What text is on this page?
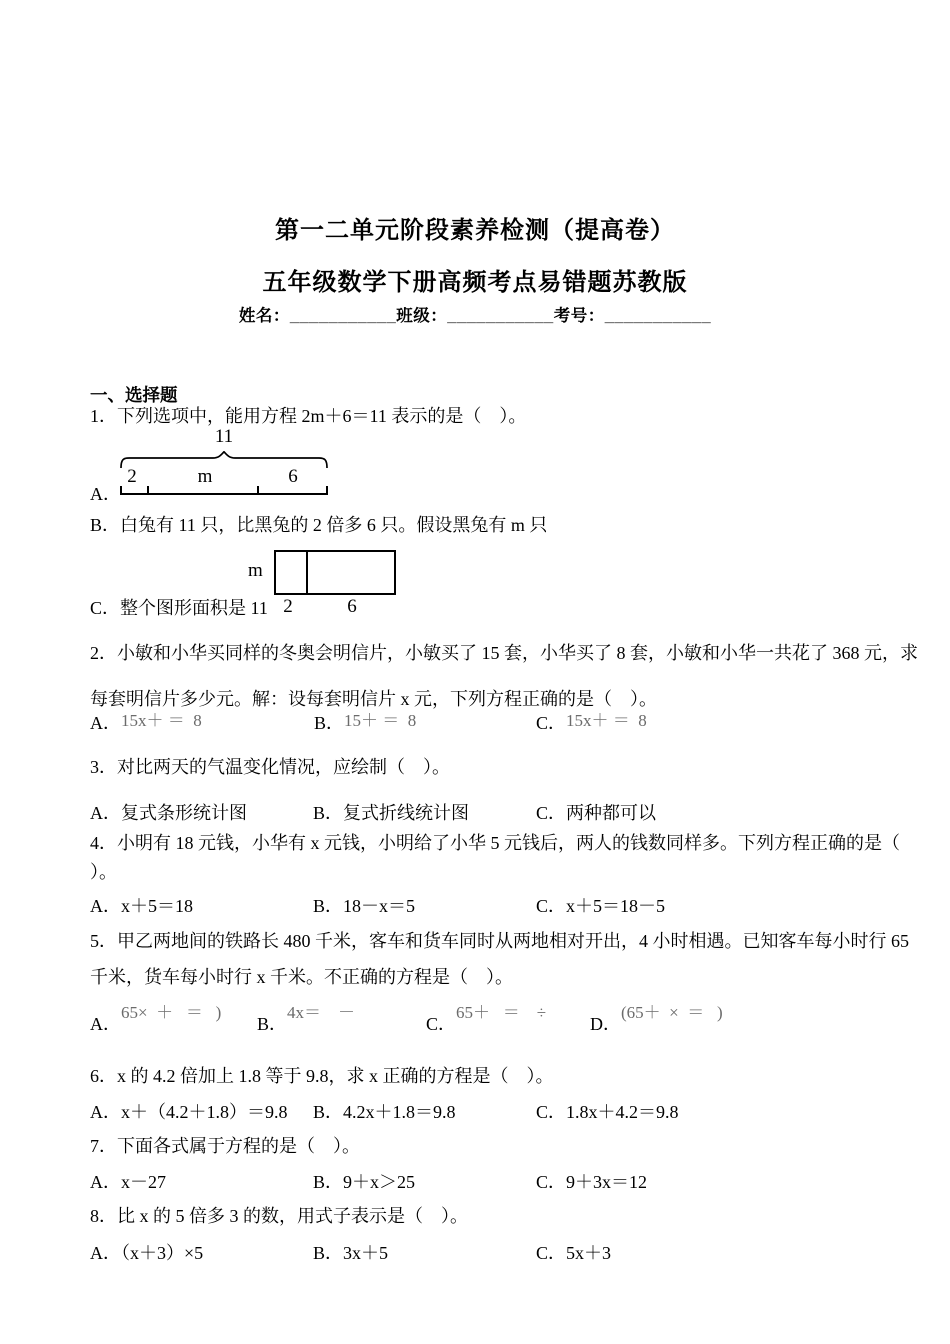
第一二单元阶段素养检测（提高卷）
五年级数学下册高频考点易错题苏教版
姓名：___________班级：___________考号：___________
一、选择题
1．下列选项中，能用方程 2m＋6＝11 表示的是（　）。
11
2	m	6
A．
B．白兔有 11 只，比黑兔的 2 倍多 6 只。假设黑兔有 m 只
m
2	6
C．整个图形面积是 11
2．小敏和小华买同样的冬奥会明信片，小敏买了 15 套，小华买了 8 套，小敏和小华一共花了 368 元，求
每套明信片多少元。解：设每套明信片 x 元，下列方程正确的是（　）。
A．15x＋ ＝  8	B．15＋ ＝  8	C．15x＋ ＝  8
3．对比两天的气温变化情况，应绘制（　）。
A．复式条形统计图	B．复式折线统计图	C．两种都可以
4．小明有 18 元钱，小华有 x 元钱，小明给了小华 5 元钱后，两人的钱数同样多。下列方程正确的是（
）。
A．x＋5＝18	B．18－x＝5	C．x＋5＝18－5
5．甲乙两地间的铁路长 480 千米，客车和货车同时从两地相对开出，4 小时相遇。已知客车每小时行 65
千米，货车每小时行 x 千米。不正确的方程是（　）。
A．65×  ＋   ＝   )
B．4x＝    －
C．65＋   ＝    ÷
D．(65＋  ×  ＝   )
6．x 的 4.2 倍加上 1.8 等于 9.8，求 x 正确的方程是（　）。
A．x＋（4.2＋1.8）＝9.8 B．4.2x＋1.8＝9.8	C．1.8x＋4.2＝9.8
7．下面各式属于方程的是（　）。
A．x－27	B．9＋x＞25	C．9＋3x＝12
8．比 x 的 5 倍多 3 的数，用式子表示是（　）。
A．（x＋3）×5	B．3x＋5	C．5x＋3
